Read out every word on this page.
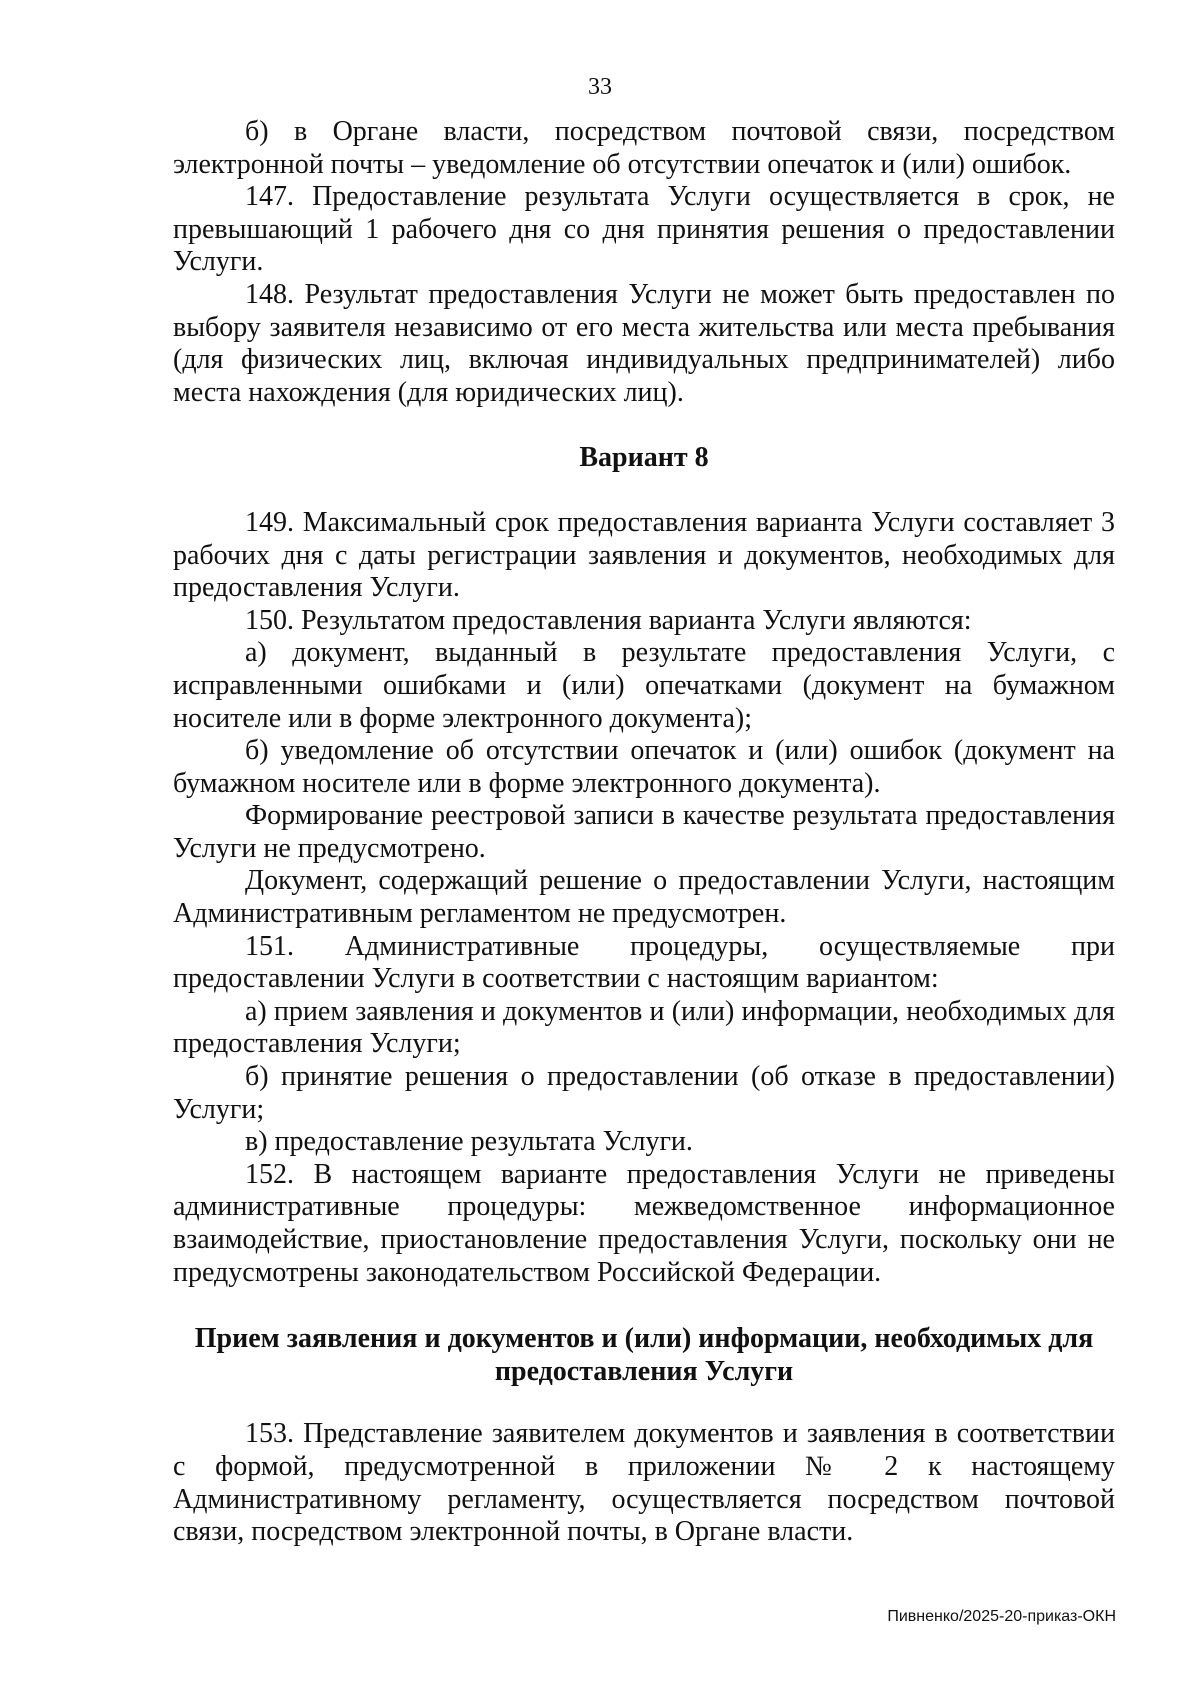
33

б) в Органе власти, посредством почтовой связи, посредством электронной почты – уведомление об отсутствии опечаток и (или) ошибок.

147. Предоставление результата Услуги осуществляется в срок, не превышающий 1 рабочего дня со дня принятия решения о предоставлении Услуги.

148. Результат предоставления Услуги не может быть предоставлен по выбору заявителя независимо от его места жительства или места пребывания (для физических лиц, включая индивидуальных предпринимателей) либо места нахождения (для юридических лиц).

Вариант 8

149. Максимальный срок предоставления варианта Услуги составляет 3 рабочих дня с даты регистрации заявления и документов, необходимых для предоставления Услуги.

150. Результатом предоставления варианта Услуги являются:

а) документ, выданный в результате предоставления Услуги, с исправленными ошибками и (или) опечатками (документ на бумажном носителе или в форме электронного документа);

б) уведомление об отсутствии опечаток и (или) ошибок (документ на бумажном носителе или в форме электронного документа).

Формирование реестровой записи в качестве результата предоставления Услуги не предусмотрено.

Документ, содержащий решение о предоставлении Услуги, настоящим Административным регламентом не предусмотрен.

151. Административные процедуры, осуществляемые при предоставлении Услуги в соответствии с настоящим вариантом:

а) прием заявления и документов и (или) информации, необходимых для предоставления Услуги;

б) принятие решения о предоставлении (об отказе в предоставлении) Услуги;

в) предоставление результата Услуги.

152. В настоящем варианте предоставления Услуги не приведены административные процедуры: межведомственное информационное взаимодействие, приостановление предоставления Услуги, поскольку они не предусмотрены законодательством Российской Федерации.

Прием заявления и документов и (или) информации, необходимых для предоставления Услуги

153. Представление заявителем документов и заявления в соответствии с формой, предусмотренной в приложении № 2 к настоящему Административному регламенту, осуществляется посредством почтовой связи, посредством электронной почты, в Органе власти.

Пивненко/2025-20-приказ-ОКН
